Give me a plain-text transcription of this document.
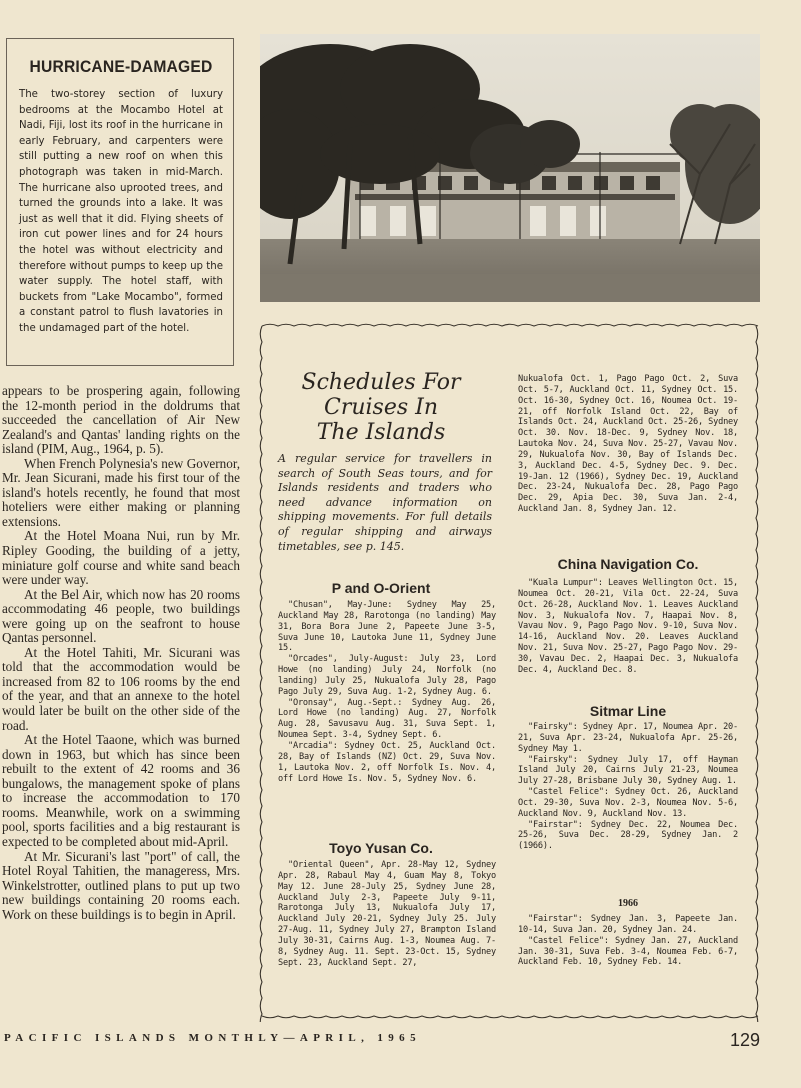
HURRICANE-DAMAGED

The two-storey section of luxury bedrooms at the Mocambo Hotel at Nadi, Fiji, lost its roof in the hurricane in early February, and carpenters were still putting a new roof on when this photograph was taken in mid-March. The hurricane also uprooted trees, and turned the grounds into a lake. It was just as well that it did. Flying sheets of iron cut power lines and for 24 hours the hotel was without electricity and therefore without pumps to keep up the water supply. The hotel staff, with buckets from "Lake Mocambo", formed a constant patrol to flush lavatories in the undamaged part of the hotel.

appears to be prospering again, following the 12-month period in the doldrums that succeeded the cancellation of Air New Zealand's and Qantas' landing rights on the island (PIM, Aug., 1964, p. 5).

When French Polynesia's new Governor, Mr. Jean Sicurani, made his first tour of the island's hotels recently, he found that most hoteliers were either making or planning extensions.

At the Hotel Moana Nui, run by Mr. Ripley Gooding, the building of a jetty, miniature golf course and white sand beach were under way.

At the Bel Air, which now has 20 rooms accommodating 46 people, two buildings were going up on the seafront to house Qantas personnel.

At the Hotel Tahiti, Mr. Sicurani was told that the accommodation would be increased from 82 to 106 rooms by the end of the year, and that an annexe to the hotel would later be built on the other side of the road.

At the Hotel Taaone, which was burned down in 1963, but which has since been rebuilt to the extent of 42 rooms and 36 bungalows, the management spoke of plans to increase the accommodation to 170 rooms. Meanwhile, work on a swimming pool, sports facilities and a big restaurant is expected to be completed about mid-April.

At Mr. Sicurani's last "port" of call, the Hotel Royal Tahitien, the manageress, Mrs. Winkelstrotter, outlined plans to put up two new buildings containing 20 rooms each. Work on these buildings is to begin in April.

Schedules For
Cruises In
The Islands
A regular service for travellers in search of South Seas tours, and for Islands residents and traders who need advance information on shipping movements. For full details of regular shipping and airways timetables, see p. 145.
P and O-Orient

"Chusan", May-June: Sydney May 25, Auckland May 28, Rarotonga (no landing) May 31, Bora Bora June 2, Papeete June 3-5, Suva June 10, Lautoka June 11, Sydney June 15.

"Orcades", July-August: July 23, Lord Howe (no landing) July 24, Norfolk (no landing) July 25, Nukualofa July 28, Pago Pago July 29, Suva Aug. 1-2, Sydney Aug. 6.

"Oronsay", Aug.-Sept.: Sydney Aug. 26, Lord Howe (no landing) Aug. 27, Norfolk Aug. 28, Savusavu Aug. 31, Suva Sept. 1, Noumea Sept. 3-4, Sydney Sept. 6.

"Arcadia": Sydney Oct. 25, Auckland Oct. 28, Bay of Islands (NZ) Oct. 29, Suva Nov. 1, Lautoka Nov. 2, off Norfolk Is. Nov. 4, off Lord Howe Is. Nov. 5, Sydney Nov. 6.

Toyo Yusan Co.

"Oriental Queen", Apr. 28-May 12, Sydney Apr. 28, Rabaul May 4, Guam May 8, Tokyo May 12. June 28-July 25, Sydney June 28, Auckland July 2-3, Papeete July 9-11, Rarotonga July 13, Nukualofa July 17, Auckland July 20-21, Sydney July 25. July 27-Aug. 11, Sydney July 27, Brampton Island July 30-31, Cairns Aug. 1-3, Noumea Aug. 7-8, Sydney Aug. 11. Sept. 23-Oct. 15, Sydney Sept. 23, Auckland Sept. 27,

Nukualofa Oct. 1, Pago Pago Oct. 2, Suva Oct. 5-7, Auckland Oct. 11, Sydney Oct. 15. Oct. 16-30, Sydney Oct. 16, Noumea Oct. 19-21, off Norfolk Island Oct. 22, Bay of Islands Oct. 24, Auckland Oct. 25-26, Sydney Oct. 30. Nov. 18-Dec. 9, Sydney Nov. 18, Lautoka Nov. 24, Suva Nov. 25-27, Vavau Nov. 29, Nukualofa Nov. 30, Bay of Islands Dec. 3, Auckland Dec. 4-5, Sydney Dec. 9. Dec. 19-Jan. 12 (1966), Sydney Dec. 19, Auckland Dec. 23-24, Nukualofa Dec. 28, Pago Pago Dec. 29, Apia Dec. 30, Suva Jan. 2-4, Auckland Jan. 8, Sydney Jan. 12.

China Navigation Co.

"Kuala Lumpur": Leaves Wellington Oct. 15, Noumea Oct. 20-21, Vila Oct. 22-24, Suva Oct. 26-28, Auckland Nov. 1. Leaves Auckland Nov. 3, Nukualofa Nov. 7, Haapai Nov. 8, Vavau Nov. 9, Pago Pago Nov. 9-10, Suva Nov. 14-16, Auckland Nov. 20. Leaves Auckland Nov. 21, Suva Nov. 25-27, Pago Pago Nov. 29-30, Vavau Dec. 2, Haapai Dec. 3, Nukualofa Dec. 4, Auckland Dec. 8.

Sitmar Line

"Fairsky": Sydney Apr. 17, Noumea Apr. 20-21, Suva Apr. 23-24, Nukualofa Apr. 25-26, Sydney May 1.

"Fairsky": Sydney July 17, off Hayman Island July 20, Cairns July 21-23, Noumea July 27-28, Brisbane July 30, Sydney Aug. 1.

"Castel Felice": Sydney Oct. 26, Auckland Oct. 29-30, Suva Nov. 2-3, Noumea Nov. 5-6, Auckland Nov. 9, Auckland Nov. 13.

"Fairstar": Sydney Dec. 22, Noumea Dec. 25-26, Suva Dec. 28-29, Sydney Jan. 2 (1966).

1966

"Fairstar": Sydney Jan. 3, Papeete Jan. 10-14, Suva Jan. 20, Sydney Jan. 24.

"Castel Felice": Sydney Jan. 27, Auckland Jan. 30-31, Suva Feb. 3-4, Noumea Feb. 6-7, Auckland Feb. 10, Sydney Feb. 14.

PACIFIC ISLANDS MONTHLY—APRIL, 1965	129
